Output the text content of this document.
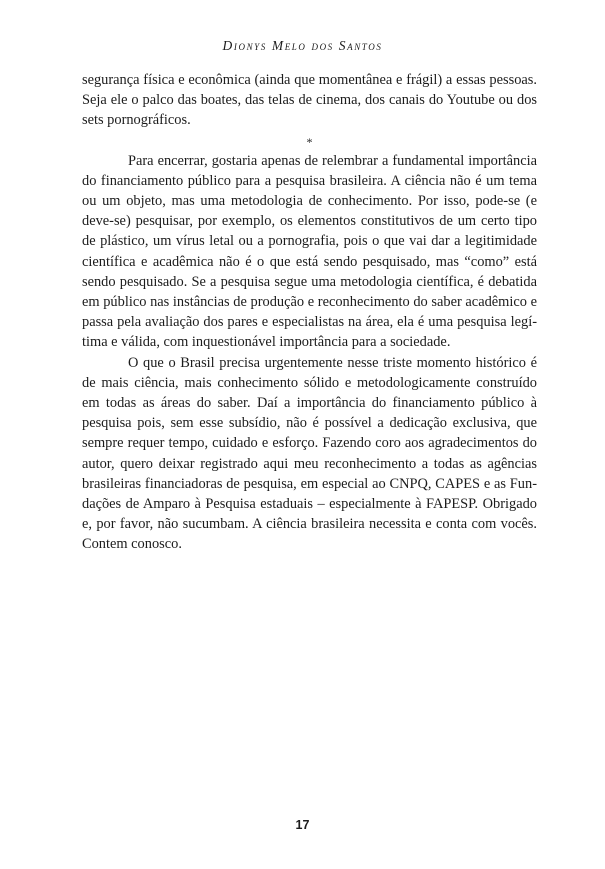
Dionys Melo dos Santos

segurança física e econômica (ainda que momentânea e frágil) a essas pessoas. Seja ele o palco das boates, das telas de cinema, dos canais do Youtube ou dos sets pornográficos.

*

Para encerrar, gostaria apenas de relembrar a fundamental importância do financiamento público para a pesquisa brasileira. A ciência não é um tema ou um objeto, mas uma metodologia de conhecimento. Por isso, pode-se (e deve-se) pesquisar, por exemplo, os elementos constitutivos de um certo tipo de plástico, um vírus letal ou a pornografia, pois o que vai dar a legitimidade científica e acadêmica não é o que está sendo pesquisado, mas “como” está sendo pesquisado. Se a pesquisa segue uma metodologia científica, é debatida em público nas instâncias de produção e reconhecimento do saber acadêmico e passa pela avaliação dos pares e especialistas na área, ela é uma pesquisa legítima e válida, com inquestionável importância para a sociedade.

O que o Brasil precisa urgentemente nesse triste momento histórico é de mais ciência, mais conhecimento sólido e metodologicamente construído em todas as áreas do saber. Daí a importância do financiamento público à pesquisa pois, sem esse subsídio, não é possível a dedicação exclusiva, que sempre requer tempo, cuidado e esforço. Fazendo coro aos agradecimentos do autor, quero deixar registrado aqui meu reconhecimento a todas as agências brasileiras financiadoras de pesquisa, em especial ao CNPQ, CAPES e as Fundações de Amparo à Pesquisa estaduais – especialmente à FAPESP. Obrigado e, por favor, não sucumbam. A ciência brasileira necessita e conta com vocês. Contem conosco.

17
